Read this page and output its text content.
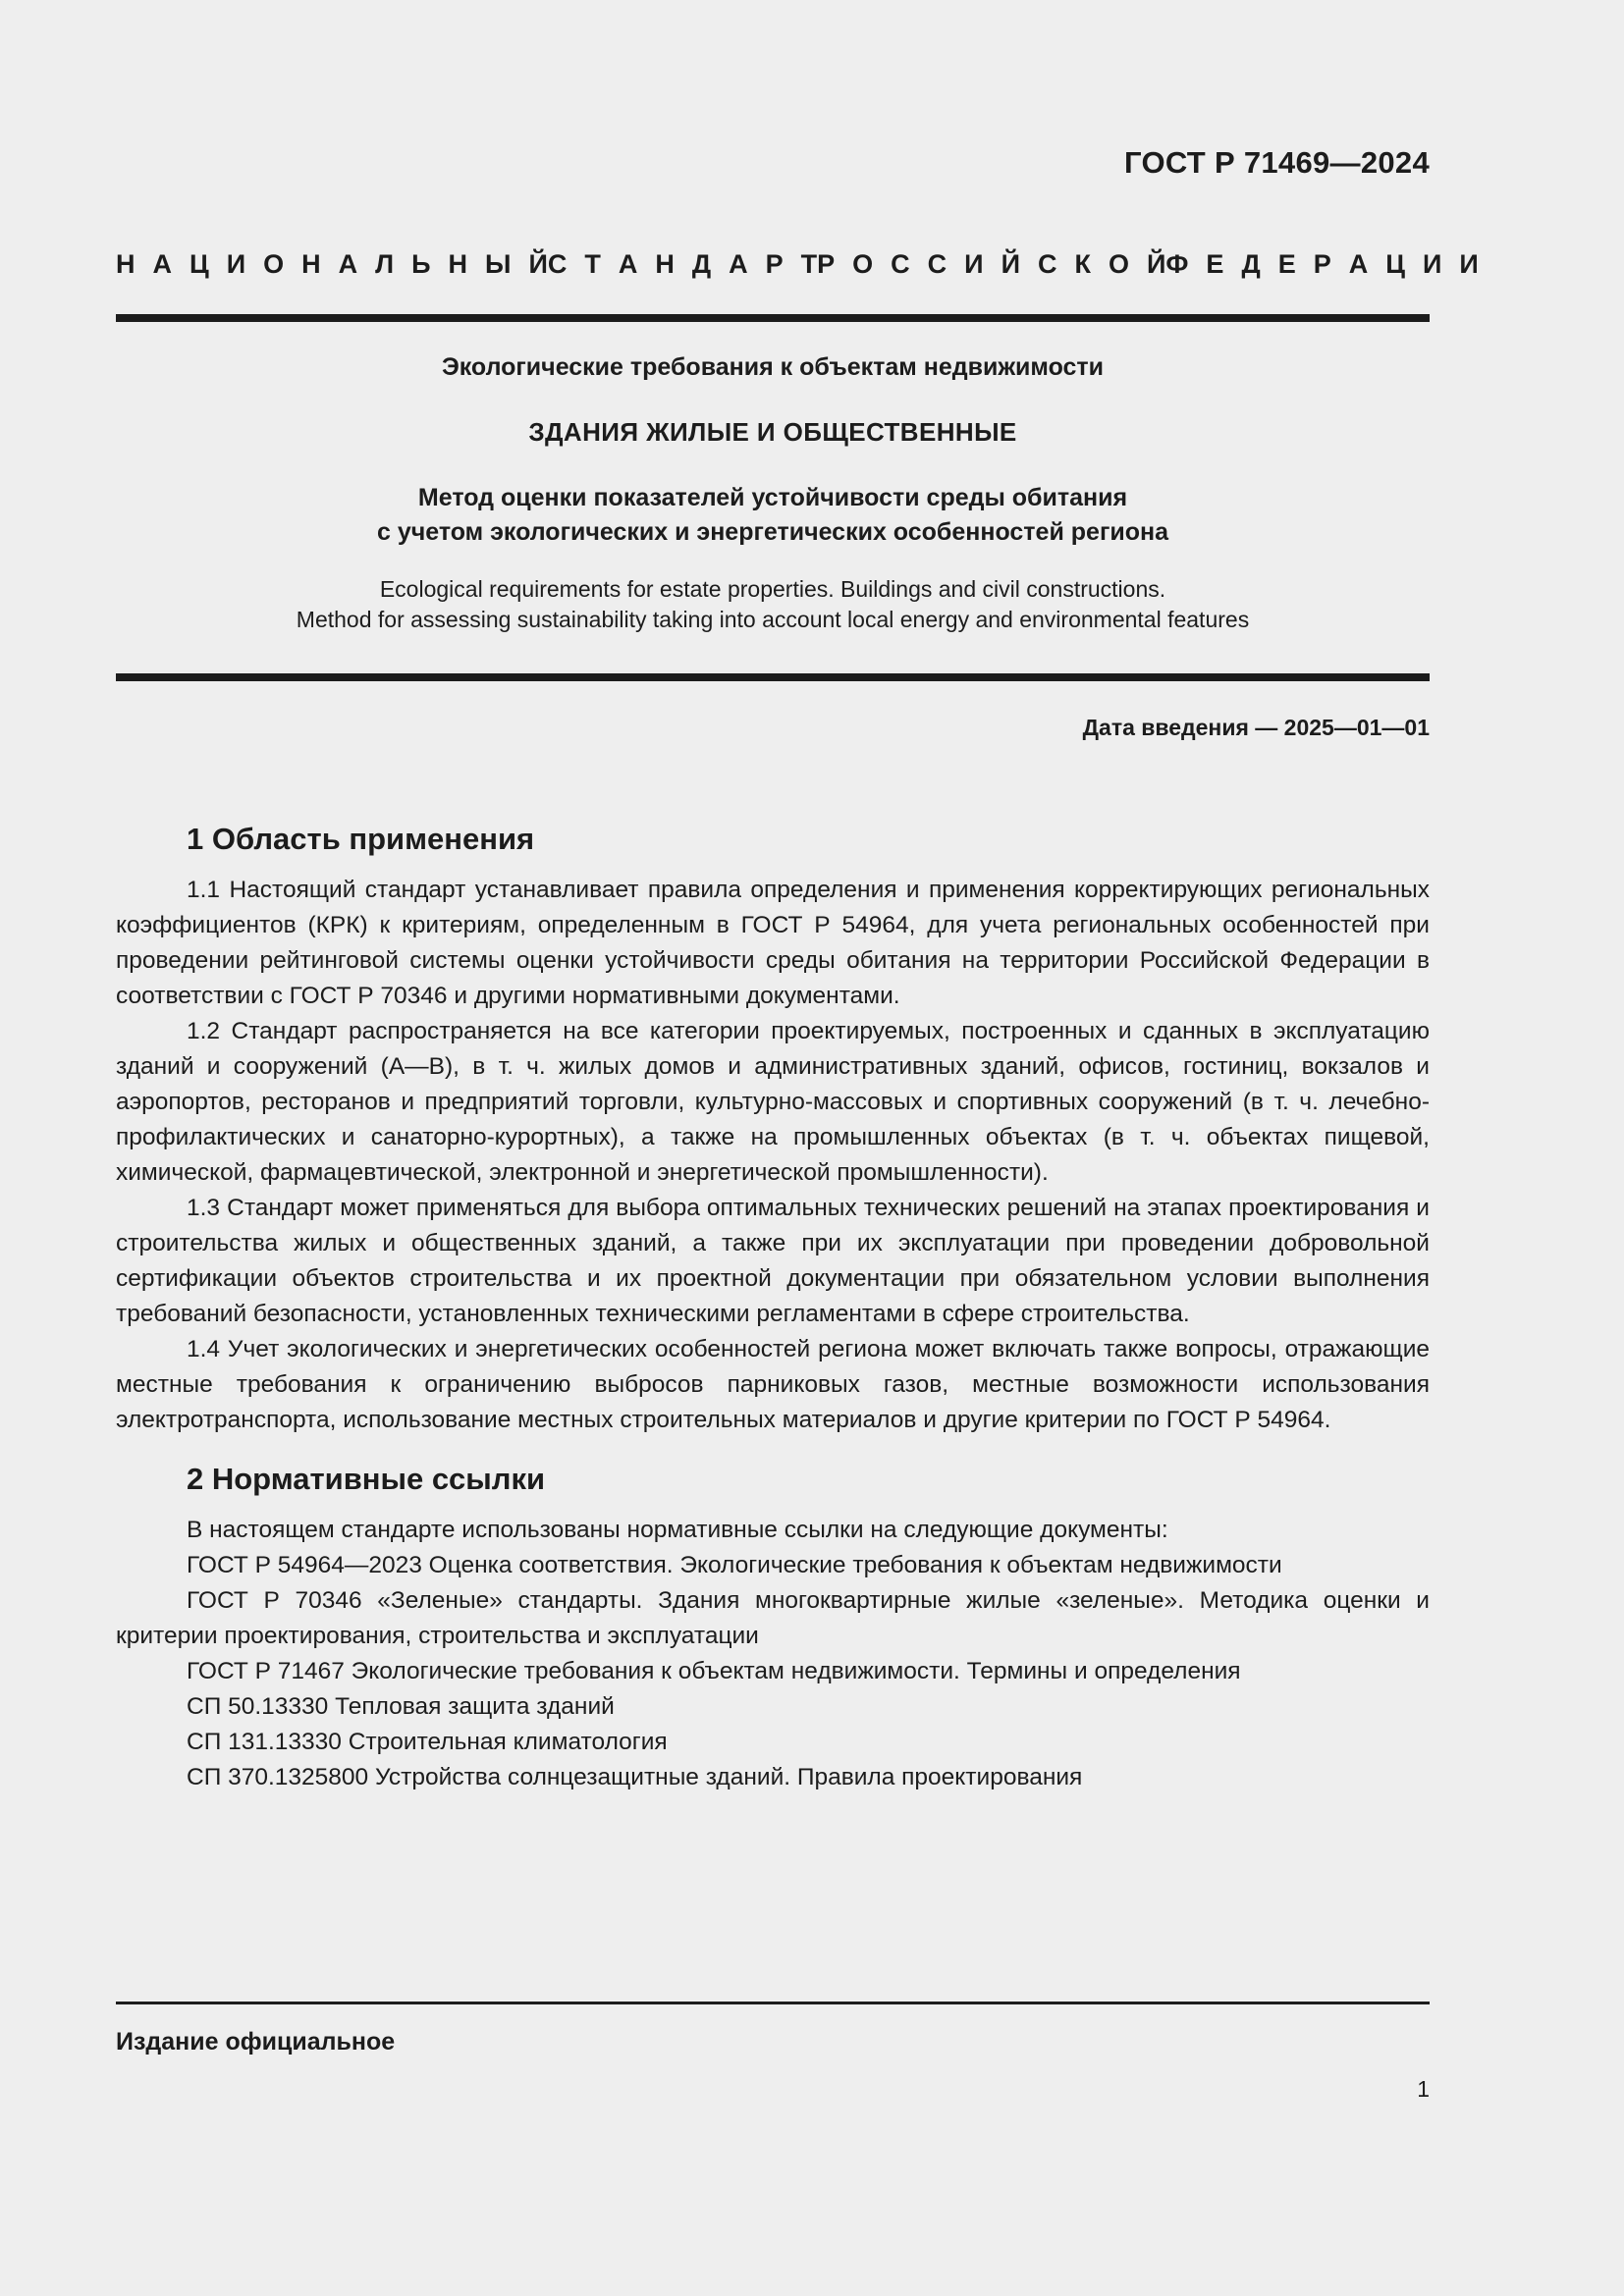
ГОСТ Р 71469—2024
Н А Ц И О Н А Л Ь Н Ы Й С Т А Н Д А Р Т Р О С С И Й С К О Й Ф Е Д Е Р А Ц И И
Экологические требования к объектам недвижимости
ЗДАНИЯ ЖИЛЫЕ И ОБЩЕСТВЕННЫЕ
Метод оценки показателей устойчивости среды обитания
с учетом экологических и энергетических особенностей региона
Ecological requirements for estate properties. Buildings and civil constructions.
Method for assessing sustainability taking into account local energy and environmental features
Дата введения — 2025—01—01
1 Область применения

1.1 Настоящий стандарт устанавливает правила определения и применения корректирующих региональных коэффициентов (КРК) к критериям, определенным в ГОСТ Р 54964, для учета региональных особенностей при проведении рейтинговой системы оценки устойчивости среды обитания на территории Российской Федерации в соответствии с ГОСТ Р 70346 и другими нормативными документами.

1.2 Стандарт распространяется на все категории проектируемых, построенных и сданных в эксплуатацию зданий и сооружений (А—В), в т. ч. жилых домов и административных зданий, офисов, гостиниц, вокзалов и аэропортов, ресторанов и предприятий торговли, культурно-массовых и спортивных сооружений (в т. ч. лечебно-профилактических и санаторно-курортных), а также на промышленных объектах (в т. ч. объектах пищевой, химической, фармацевтической, электронной и энергетической промышленности).

1.3 Стандарт может применяться для выбора оптимальных технических решений на этапах проектирования и строительства жилых и общественных зданий, а также при их эксплуатации при проведении добровольной сертификации объектов строительства и их проектной документации при обязательном условии выполнения требований безопасности, установленных техническими регламентами в сфере строительства.

1.4 Учет экологических и энергетических особенностей региона может включать также вопросы, отражающие местные требования к ограничению выбросов парниковых газов, местные возможности использования электротранспорта, использование местных строительных материалов и другие критерии по ГОСТ Р 54964.

2 Нормативные ссылки

В настоящем стандарте использованы нормативные ссылки на следующие документы:

ГОСТ Р 54964—2023 Оценка соответствия. Экологические требования к объектам недвижимости

ГОСТ Р 70346 «Зеленые» стандарты. Здания многоквартирные жилые «зеленые». Методика оценки и критерии проектирования, строительства и эксплуатации

ГОСТ Р 71467 Экологические требования к объектам недвижимости. Термины и определения

СП 50.13330 Тепловая защита зданий

СП 131.13330 Строительная климатология

СП 370.1325800 Устройства солнцезащитные зданий. Правила проектирования

Издание официальное
1
